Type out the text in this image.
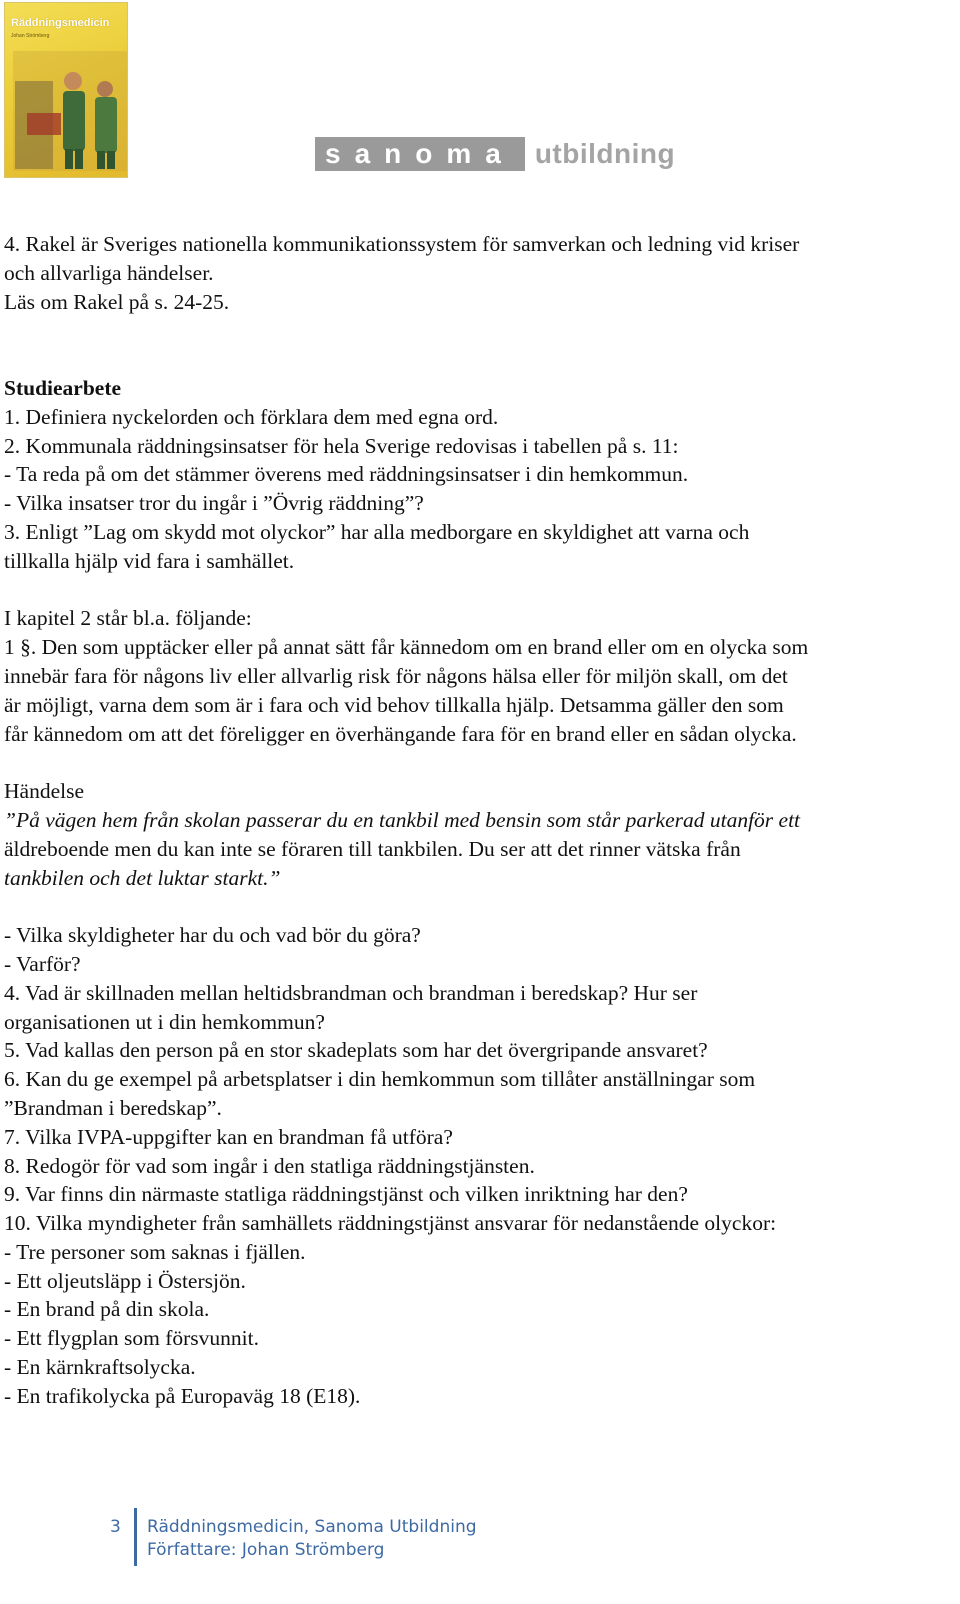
Räddningsmedicin
Johan Strömberg
sanoma utbildning

4. Rakel är Sveriges nationella kommunikationssystem för samverkan och ledning vid kriser

och allvarliga händelser.

Läs om Rakel på s. 24-25.

Studiearbete

1. Definiera nyckelorden och förklara dem med egna ord.

2. Kommunala räddningsinsatser för hela Sverige redovisas i tabellen på s. 11:

- Ta reda på om det stämmer överens med räddningsinsatser i din hemkommun.

- Vilka insatser tror du ingår i ”Övrig räddning”?

3. Enligt ”Lag om skydd mot olyckor” har alla medborgare en skyldighet att varna och

tillkalla hjälp vid fara i samhället.

I kapitel 2 står bl.a. följande:

1 §. Den som upptäcker eller på annat sätt får kännedom om en brand eller om en olycka som

innebär fara för någons liv eller allvarlig risk för någons hälsa eller för miljön skall, om det

är möjligt, varna dem som är i fara och vid behov tillkalla hjälp. Detsamma gäller den som

får kännedom om att det föreligger en överhängande fara för en brand eller en sådan olycka.

Händelse

”På vägen hem från skolan passerar du en tankbil med bensin som står parkerad utanför ett

äldreboende men du kan inte se föraren till tankbilen. Du ser att det rinner vätska från

tankbilen och det luktar starkt.”

- Vilka skyldigheter har du och vad bör du göra?

- Varför?

4. Vad är skillnaden mellan heltidsbrandman och brandman i beredskap? Hur ser

organisationen ut i din hemkommun?

5. Vad kallas den person på en stor skadeplats som har det övergripande ansvaret?

6. Kan du ge exempel på arbetsplatser i din hemkommun som tillåter anställningar som

”Brandman i beredskap”.

7. Vilka IVPA-uppgifter kan en brandman få utföra?

8. Redogör för vad som ingår i den statliga räddningstjänsten.

9. Var finns din närmaste statliga räddningstjänst och vilken inriktning har den?

10. Vilka myndigheter från samhällets räddningstjänst ansvarar för nedanstående olyckor:

- Tre personer som saknas i fjällen.

- Ett oljeutsläpp i Östersjön.

- En brand på din skola.

- Ett flygplan som försvunnit.

- En kärnkraftsolycka.

- En trafikolycka på Europaväg 18 (E18).

3	Räddningsmedicin, Sanoma Utbildning
Författare: Johan Strömberg
